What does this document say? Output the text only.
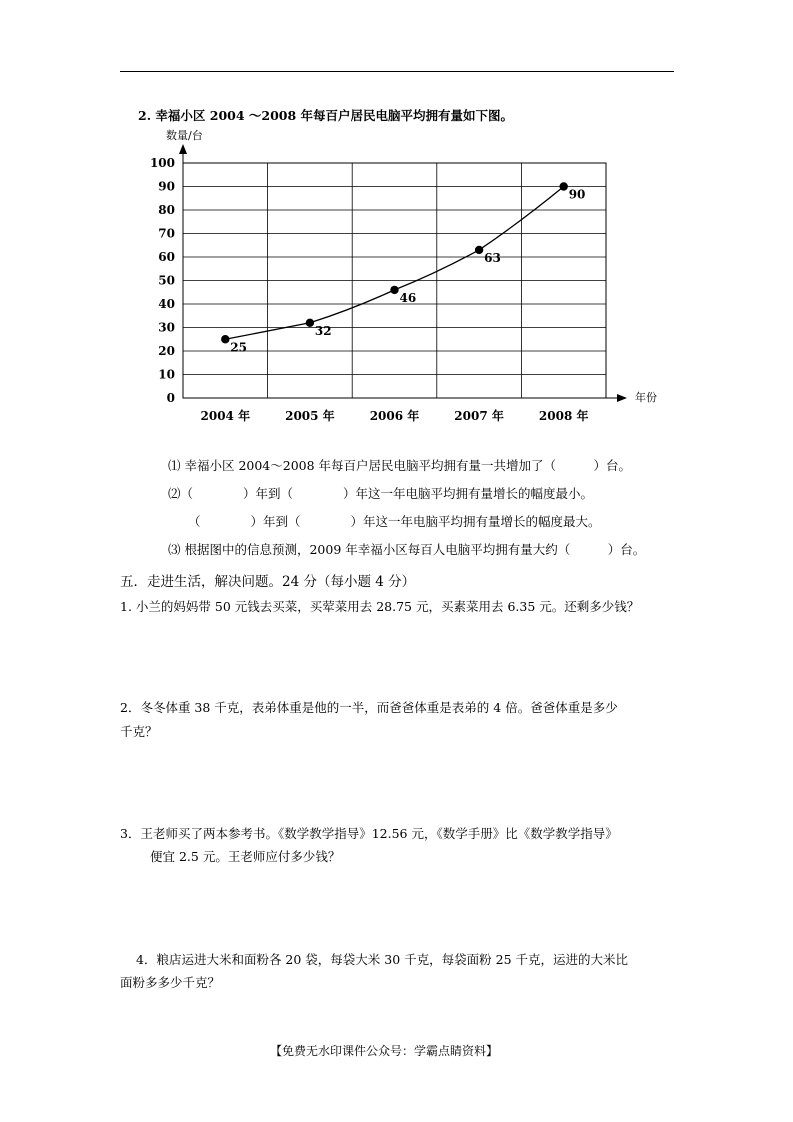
2. 幸福小区 2004 ～2008 年每百户居民电脑平均拥有量如下图。
数量/台
年份
0
10
20
30
40
50
60
70
80
90
100
2004 年	2005 年	2006 年	2007 年	2008 年
25
32
46
63
90
⑴ 幸福小区 2004～2008 年每百户居民电脑平均拥有量一共增加了（　　　）台。
⑵（　　　　）年到（　　　　）年这一年电脑平均拥有量增长的幅度最小。
（　　　　）年到（　　　　）年这一年电脑平均拥有量增长的幅度最大。
⑶ 根据图中的信息预测，2009 年幸福小区每百人电脑平均拥有量大约（　　　）台。
五．走进生活，解决问题。24 分（每小题 4 分）
1. 小兰的妈妈带 50 元钱去买菜，买荤菜用去 28.75 元，买素菜用去 6.35 元。还剩多少钱？
2．冬冬体重 38 千克，表弟体重是他的一半，而爸爸体重是表弟的 4 倍。爸爸体重是多少
千克？
3．王老师买了两本参考书。《数学教学指导》12.56 元，《数学手册》比《数学教学指导》
便宜 2.5 元。王老师应付多少钱？
4．粮店运进大米和面粉各 20 袋，每袋大米 30 千克，每袋面粉 25 千克，运进的大米比
面粉多多少千克？
【免费无水印课件公众号：学霸点睛资料】
